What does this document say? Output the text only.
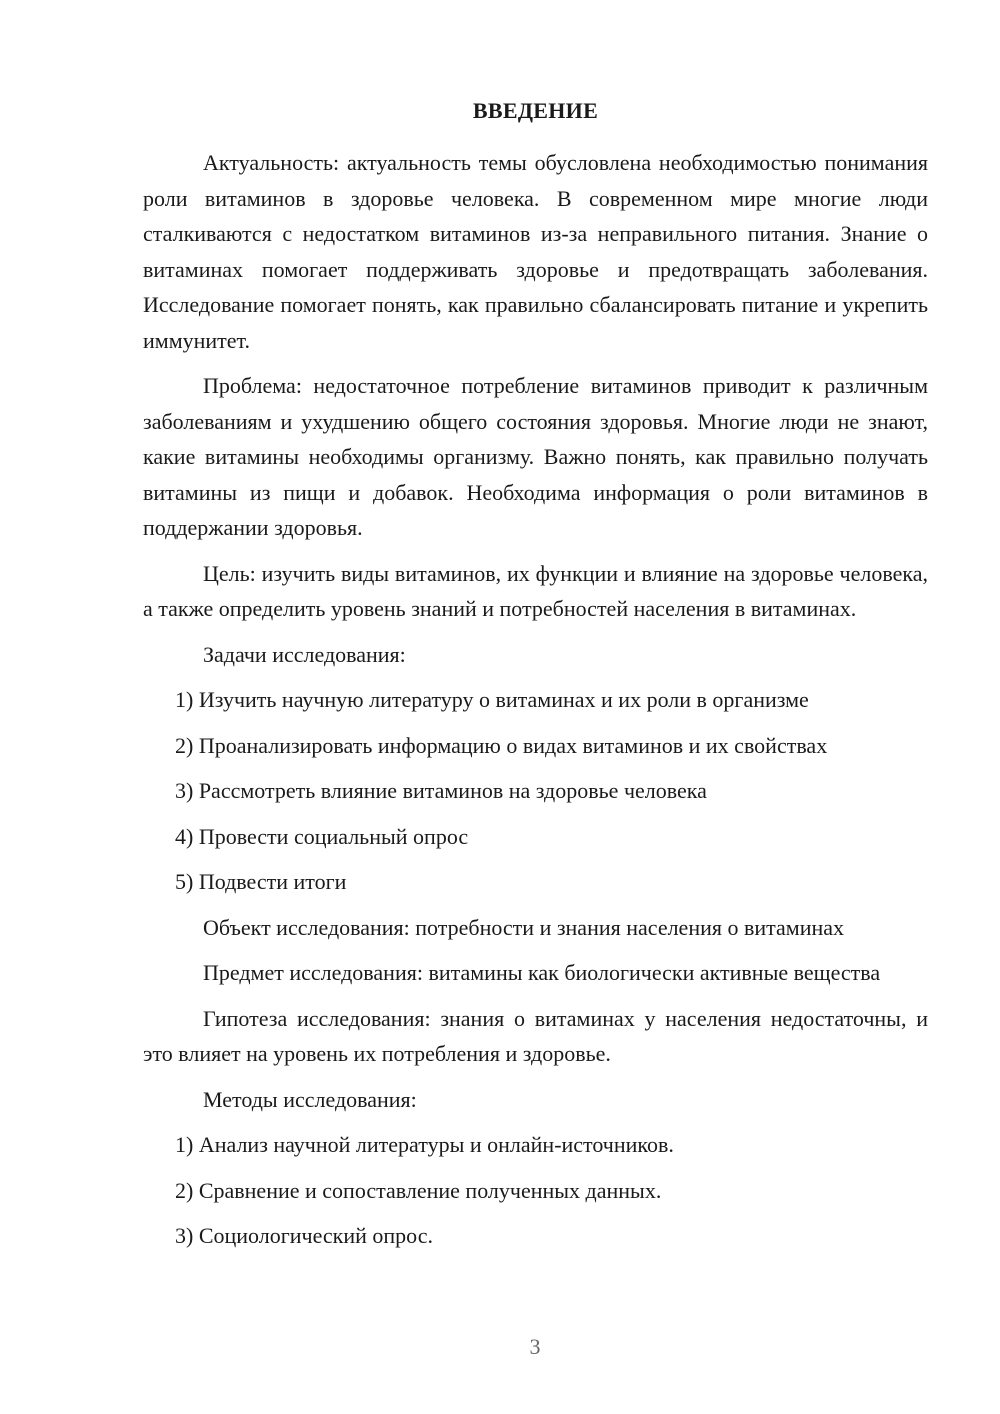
ВВЕДЕНИЕ

Актуальность: актуальность темы обусловлена необходимостью понимания роли витаминов в здоровье человека. В современном мире многие люди сталкиваются с недостатком витаминов из-за неправильного питания. Знание о витаминах помогает поддерживать здоровье и предотвращать заболевания. Исследование помогает понять, как правильно сбалансировать питание и укрепить иммунитет.

Проблема: недостаточное потребление витаминов приводит к различным заболеваниям и ухудшению общего состояния здоровья. Многие люди не знают, какие витамины необходимы организму. Важно понять, как правильно получать витамины из пищи и добавок. Необходима информация о роли витаминов в поддержании здоровья.

Цель: изучить виды витаминов, их функции и влияние на здоровье человека, а также определить уровень знаний и потребностей населения в витаминах.

Задачи исследования:

1) Изучить научную литературу о витаминах и их роли в организме
2) Проанализировать информацию о видах витаминов и их свойствах
3) Рассмотреть влияние витаминов на здоровье человека
4) Провести социальный опрос
5) Подвести итоги

Объект исследования: потребности и знания населения о витаминах

Предмет исследования: витамины как биологически активные вещества

Гипотеза исследования: знания о витаминах у населения недостаточны, и это влияет на уровень их потребления и здоровье.

Методы исследования:

1) Анализ научной литературы и онлайн-источников.
2) Сравнение и сопоставление полученных данных.
3) Социологический опрос.
3
